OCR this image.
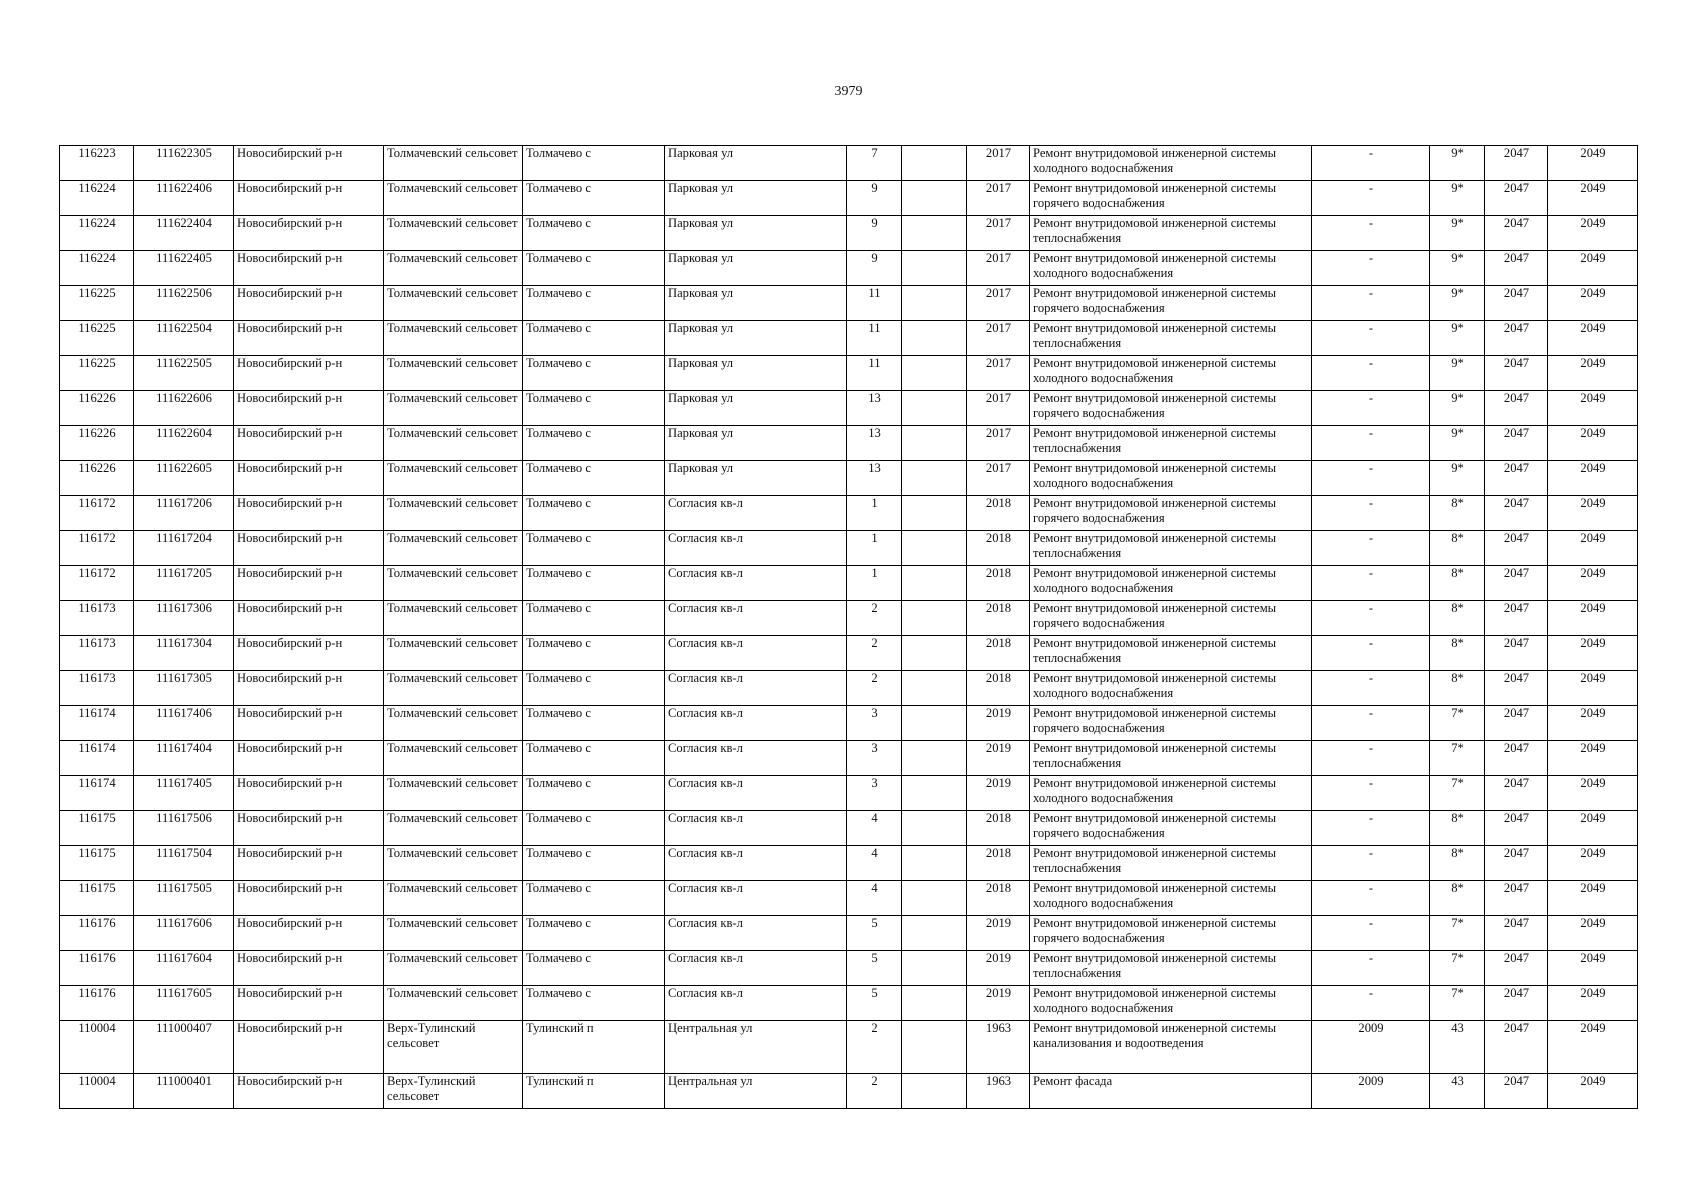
3979
116223	111622305	Новосибирский р-н	Толмачевский сельсовет	Толмачево с	Парковая ул	7		2017	Ремонт внутридомовой инженерной системы холодного водоснабжения	-	9*	2047	2049
116224	111622406	Новосибирский р-н	Толмачевский сельсовет	Толмачево с	Парковая ул	9		2017	Ремонт внутридомовой инженерной системы горячего водоснабжения	-	9*	2047	2049
116224	111622404	Новосибирский р-н	Толмачевский сельсовет	Толмачево с	Парковая ул	9		2017	Ремонт внутридомовой инженерной системы теплоснабжения	-	9*	2047	2049
116224	111622405	Новосибирский р-н	Толмачевский сельсовет	Толмачево с	Парковая ул	9		2017	Ремонт внутридомовой инженерной системы холодного водоснабжения	-	9*	2047	2049
116225	111622506	Новосибирский р-н	Толмачевский сельсовет	Толмачево с	Парковая ул	11		2017	Ремонт внутридомовой инженерной системы горячего водоснабжения	-	9*	2047	2049
116225	111622504	Новосибирский р-н	Толмачевский сельсовет	Толмачево с	Парковая ул	11		2017	Ремонт внутридомовой инженерной системы теплоснабжения	-	9*	2047	2049
116225	111622505	Новосибирский р-н	Толмачевский сельсовет	Толмачево с	Парковая ул	11		2017	Ремонт внутридомовой инженерной системы холодного водоснабжения	-	9*	2047	2049
116226	111622606	Новосибирский р-н	Толмачевский сельсовет	Толмачево с	Парковая ул	13		2017	Ремонт внутридомовой инженерной системы горячего водоснабжения	-	9*	2047	2049
116226	111622604	Новосибирский р-н	Толмачевский сельсовет	Толмачево с	Парковая ул	13		2017	Ремонт внутридомовой инженерной системы теплоснабжения	-	9*	2047	2049
116226	111622605	Новосибирский р-н	Толмачевский сельсовет	Толмачево с	Парковая ул	13		2017	Ремонт внутридомовой инженерной системы холодного водоснабжения	-	9*	2047	2049
116172	111617206	Новосибирский р-н	Толмачевский сельсовет	Толмачево с	Согласия кв-л	1		2018	Ремонт внутридомовой инженерной системы горячего водоснабжения	-	8*	2047	2049
116172	111617204	Новосибирский р-н	Толмачевский сельсовет	Толмачево с	Согласия кв-л	1		2018	Ремонт внутридомовой инженерной системы теплоснабжения	-	8*	2047	2049
116172	111617205	Новосибирский р-н	Толмачевский сельсовет	Толмачево с	Согласия кв-л	1		2018	Ремонт внутридомовой инженерной системы холодного водоснабжения	-	8*	2047	2049
116173	111617306	Новосибирский р-н	Толмачевский сельсовет	Толмачево с	Согласия кв-л	2		2018	Ремонт внутридомовой инженерной системы горячего водоснабжения	-	8*	2047	2049
116173	111617304	Новосибирский р-н	Толмачевский сельсовет	Толмачево с	Согласия кв-л	2		2018	Ремонт внутридомовой инженерной системы теплоснабжения	-	8*	2047	2049
116173	111617305	Новосибирский р-н	Толмачевский сельсовет	Толмачево с	Согласия кв-л	2		2018	Ремонт внутридомовой инженерной системы холодного водоснабжения	-	8*	2047	2049
116174	111617406	Новосибирский р-н	Толмачевский сельсовет	Толмачево с	Согласия кв-л	3		2019	Ремонт внутридомовой инженерной системы горячего водоснабжения	-	7*	2047	2049
116174	111617404	Новосибирский р-н	Толмачевский сельсовет	Толмачево с	Согласия кв-л	3		2019	Ремонт внутридомовой инженерной системы теплоснабжения	-	7*	2047	2049
116174	111617405	Новосибирский р-н	Толмачевский сельсовет	Толмачево с	Согласия кв-л	3		2019	Ремонт внутридомовой инженерной системы холодного водоснабжения	-	7*	2047	2049
116175	111617506	Новосибирский р-н	Толмачевский сельсовет	Толмачево с	Согласия кв-л	4		2018	Ремонт внутридомовой инженерной системы горячего водоснабжения	-	8*	2047	2049
116175	111617504	Новосибирский р-н	Толмачевский сельсовет	Толмачево с	Согласия кв-л	4		2018	Ремонт внутридомовой инженерной системы теплоснабжения	-	8*	2047	2049
116175	111617505	Новосибирский р-н	Толмачевский сельсовет	Толмачево с	Согласия кв-л	4		2018	Ремонт внутридомовой инженерной системы холодного водоснабжения	-	8*	2047	2049
116176	111617606	Новосибирский р-н	Толмачевский сельсовет	Толмачево с	Согласия кв-л	5		2019	Ремонт внутридомовой инженерной системы горячего водоснабжения	-	7*	2047	2049
116176	111617604	Новосибирский р-н	Толмачевский сельсовет	Толмачево с	Согласия кв-л	5		2019	Ремонт внутридомовой инженерной системы теплоснабжения	-	7*	2047	2049
116176	111617605	Новосибирский р-н	Толмачевский сельсовет	Толмачево с	Согласия кв-л	5		2019	Ремонт внутридомовой инженерной системы холодного водоснабжения	-	7*	2047	2049
110004	111000407	Новосибирский р-н	Верх-Тулинский сельсовет	Тулинский п	Центральная ул	2		1963	Ремонт внутридомовой инженерной системы канализования и водоотведения	2009	43	2047	2049
110004	111000401	Новосибирский р-н	Верх-Тулинский сельсовет	Тулинский п	Центральная ул	2		1963	Ремонт фасада	2009	43	2047	2049
